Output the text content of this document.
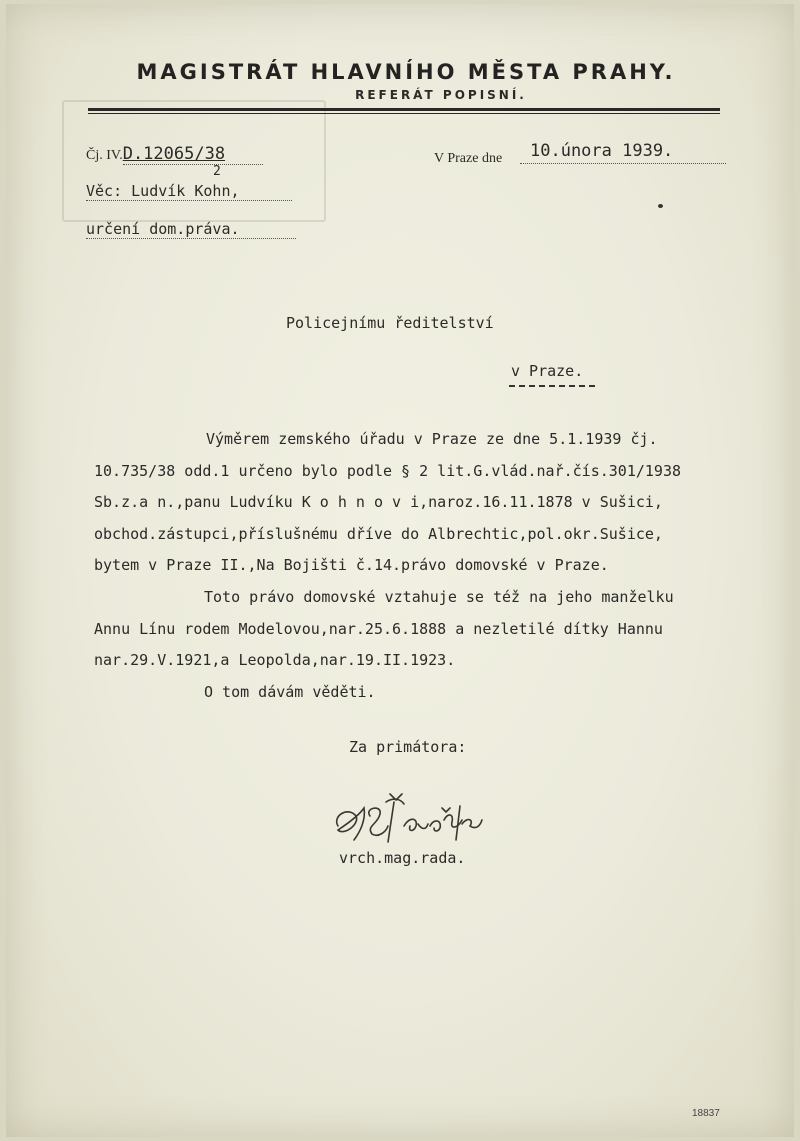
MAGISTRÁT HLAVNÍHO MĚSTA PRAHY.
REFERÁT POPISNÍ.
Čj. IV.D.12065/38
2
V Praze dne	10.února 1939.
Věc: Ludvík Kohn,
určení dom.práva.
Policejnímu ředitelství
v Praze.
Výměrem zemského úřadu v Praze ze dne 5.1.1939 čj.
10.735/38 odd.1 určeno bylo podle § 2 lit.G.vlád.nař.čís.301/1938
Sb.z.a n.,panu Ludvíku K o h n o v i,naroz.16.11.1878 v Sušici,
obchod.zástupci,příslušnému dříve do Albrechtic,pol.okr.Sušice,
bytem v Praze II.,Na Bojišti č.14.právo domovské v Praze.
Toto právo domovské vztahuje se též na jeho manželku
Annu Línu rodem Modelovou,nar.25.6.1888 a nezletilé dítky Hannu
nar.29.V.1921,a Leopolda,nar.19.II.1923.
O tom dávám věděti.
Za primátora:
vrch.mag.rada.
18837
